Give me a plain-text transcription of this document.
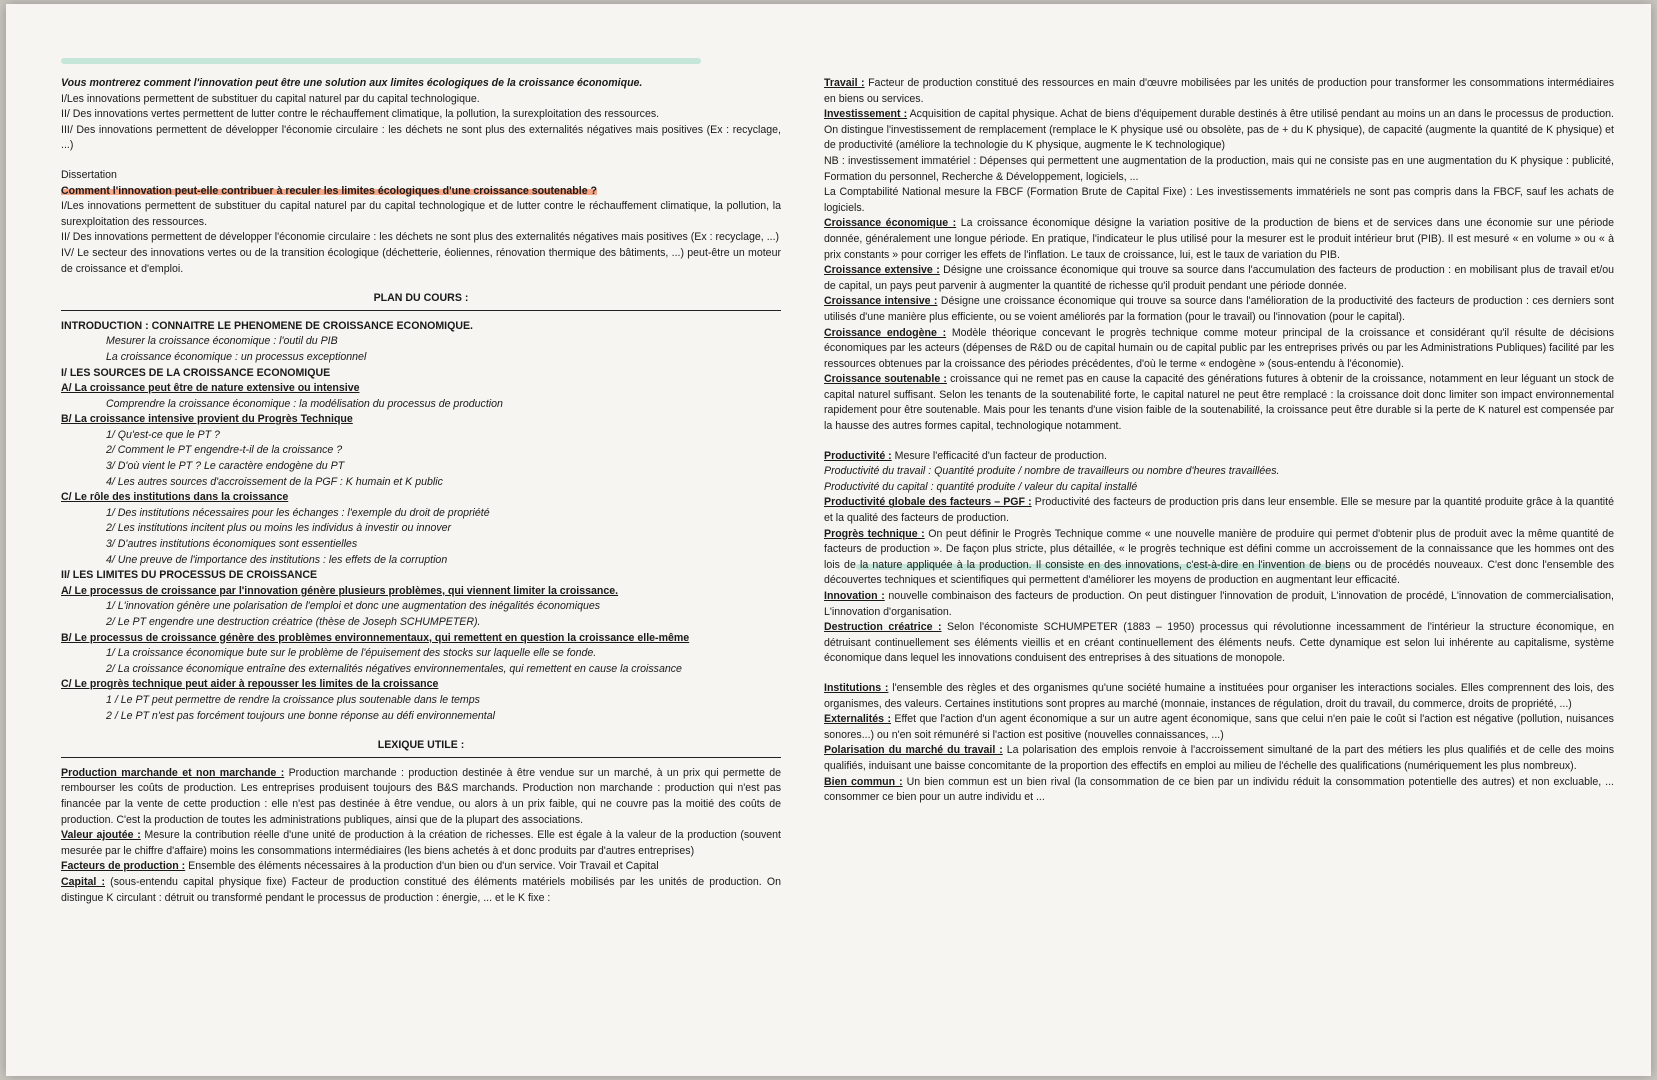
Vous montrerez comment l'innovation peut être une solution aux limites écologiques de la croissance économique.

I/Les innovations permettent de substituer du capital naturel par du capital technologique.

II/ Des innovations vertes permettent de lutter contre le réchauffement climatique, la pollution, la surexploitation des ressources.

III/ Des innovations permettent de développer l'économie circulaire : les déchets ne sont plus des externalités négatives mais positives (Ex : recyclage, ...)

Dissertation

Comment l'innovation peut-elle contribuer à reculer les limites écologiques d'une croissance soutenable ?

I/Les innovations permettent de substituer du capital naturel par du capital technologique et de lutter contre le réchauffement climatique, la pollution, la surexploitation des ressources.

II/ Des innovations permettent de développer l'économie circulaire : les déchets ne sont plus des externalités négatives mais positives (Ex : recyclage, ...)

IV/ Le secteur des innovations vertes ou de la transition écologique (déchetterie, éoliennes, rénovation thermique des bâtiments, ...) peut-être un moteur de croissance et d'emploi.

PLAN DU COURS :

INTRODUCTION : CONNAITRE LE PHENOMENE DE CROISSANCE ECONOMIQUE.

Mesurer la croissance économique : l'outil du PIB

La croissance économique : un processus exceptionnel

I/ LES SOURCES DE LA CROISSANCE ECONOMIQUE

A/ La croissance peut être de nature extensive ou intensive

Comprendre la croissance économique : la modélisation du processus de production

B/ La croissance intensive provient du Progrès Technique

1/ Qu'est-ce que le PT ?

2/ Comment le PT engendre-t-il de la croissance ?

3/ D'où vient le PT ? Le caractère endogène du PT

4/ Les autres sources d'accroissement de la PGF : K humain et K public

C/ Le rôle des institutions dans la croissance

1/ Des institutions nécessaires pour les échanges : l'exemple du droit de propriété

2/ Les institutions incitent plus ou moins les individus à investir ou innover

3/ D'autres institutions économiques sont essentielles

4/ Une preuve de l'importance des institutions : les effets de la corruption

II/ LES LIMITES DU PROCESSUS DE CROISSANCE

A/ Le processus de croissance par l'innovation génère plusieurs problèmes, qui viennent limiter la croissance.

1/ L'innovation génère une polarisation de l'emploi et donc une augmentation des inégalités économiques

2/ Le PT engendre une destruction créatrice (thèse de Joseph SCHUMPETER).

B/ Le processus de croissance génère des problèmes environnementaux, qui remettent en question la croissance elle-même

1/ La croissance économique bute sur le problème de l'épuisement des stocks sur laquelle elle se fonde.

2/ La croissance économique entraîne des externalités négatives environnementales, qui remettent en cause la croissance

C/ Le progrès technique peut aider à repousser les limites de la croissance

1 / Le PT peut permettre de rendre la croissance plus soutenable dans le temps

2 / Le PT n'est pas forcément toujours une bonne réponse au défi environnemental

LEXIQUE UTILE :

Production marchande et non marchande : Production marchande : production destinée à être vendue sur un marché, à un prix qui permette de rembourser les coûts de production. Les entreprises produisent toujours des B&S marchands. Production non marchande : production qui n'est pas financée par la vente de cette production : elle n'est pas destinée à être vendue, ou alors à un prix faible, qui ne couvre pas la moitié des coûts de production. C'est la production de toutes les administrations publiques, ainsi que de la plupart des associations.

Valeur ajoutée : Mesure la contribution réelle d'une unité de production à la création de richesses. Elle est égale à la valeur de la production (souvent mesurée par le chiffre d'affaire) moins les consommations intermédiaires (les biens achetés à et donc produits par d'autres entreprises)

Facteurs de production : Ensemble des éléments nécessaires à la production d'un bien ou d'un service. Voir Travail et Capital

Capital : (sous-entendu capital physique fixe) Facteur de production constitué des éléments matériels mobilisés par les unités de production. On distingue K circulant : détruit ou transformé pendant le processus de production : énergie, ... et le K fixe :

Travail : Facteur de production constitué des ressources en main d'œuvre mobilisées par les unités de production pour transformer les consommations intermédiaires en biens ou services.

Investissement : Acquisition de capital physique. Achat de biens d'équipement durable destinés à être utilisé pendant au moins un an dans le processus de production. On distingue l'investissement de remplacement (remplace le K physique usé ou obsolète, pas de + du K physique), de capacité (augmente la quantité de K physique) et de productivité (améliore la technologie du K physique, augmente le K technologique)

NB : investissement immatériel : Dépenses qui permettent une augmentation de la production, mais qui ne consiste pas en une augmentation du K physique : publicité, Formation du personnel, Recherche & Développement, logiciels, ...

La Comptabilité National mesure la FBCF (Formation Brute de Capital Fixe) : Les investissements immatériels ne sont pas compris dans la FBCF, sauf les achats de logiciels.

Croissance économique : La croissance économique désigne la variation positive de la production de biens et de services dans une économie sur une période donnée, généralement une longue période. En pratique, l'indicateur le plus utilisé pour la mesurer est le produit intérieur brut (PIB). Il est mesuré « en volume » ou « à prix constants » pour corriger les effets de l'inflation. Le taux de croissance, lui, est le taux de variation du PIB.

Croissance extensive : Désigne une croissance économique qui trouve sa source dans l'accumulation des facteurs de production : en mobilisant plus de travail et/ou de capital, un pays peut parvenir à augmenter la quantité de richesse qu'il produit pendant une période donnée.

Croissance intensive : Désigne une croissance économique qui trouve sa source dans l'amélioration de la productivité des facteurs de production : ces derniers sont utilisés d'une manière plus efficiente, ou se voient améliorés par la formation (pour le travail) ou l'innovation (pour le capital).

Croissance endogène : Modèle théorique concevant le progrès technique comme moteur principal de la croissance et considérant qu'il résulte de décisions économiques par les acteurs (dépenses de R&D ou de capital humain ou de capital public par les entreprises privés ou par les Administrations Publiques) facilité par les ressources obtenues par la croissance des périodes précédentes, d'où le terme « endogène » (sous-entendu à l'économie).

Croissance soutenable : croissance qui ne remet pas en cause la capacité des générations futures à obtenir de la croissance, notamment en leur léguant un stock de capital naturel suffisant. Selon les tenants de la soutenabilité forte, le capital naturel ne peut être remplacé : la croissance doit donc limiter son impact environnemental rapidement pour être soutenable. Mais pour les tenants d'une vision faible de la soutenabilité, la croissance peut être durable si la perte de K naturel est compensée par la hausse des autres formes capital, technologique notamment.

Productivité : Mesure l'efficacité d'un facteur de production.

Productivité du travail : Quantité produite / nombre de travailleurs ou nombre d'heures travaillées.

Productivité du capital : quantité produite / valeur du capital installé

Productivité globale des facteurs – PGF : Productivité des facteurs de production pris dans leur ensemble. Elle se mesure par la quantité produite grâce à la quantité et la qualité des facteurs de production.

Progrès technique : On peut définir le Progrès Technique comme « une nouvelle manière de produire qui permet d'obtenir plus de produit avec la même quantité de facteurs de production ». De façon plus stricte, plus détaillée, « le progrès technique est défini comme un accroissement de la connaissance que les hommes ont des lois de la nature appliquée à la production. Il consiste en des innovations, c'est-à-dire en l'invention de biens ou de procédés nouveaux. C'est donc l'ensemble des découvertes techniques et scientifiques qui permettent d'améliorer les moyens de production en augmentant leur efficacité.

Innovation : nouvelle combinaison des facteurs de production. On peut distinguer l'innovation de produit, L'innovation de procédé, L'innovation de commercialisation, L'innovation d'organisation.

Destruction créatrice : Selon l'économiste SCHUMPETER (1883 – 1950) processus qui révolutionne incessamment de l'intérieur la structure économique, en détruisant continuellement ses éléments vieillis et en créant continuellement des éléments neufs. Cette dynamique est selon lui inhérente au capitalisme, système économique dans lequel les innovations conduisent des entreprises à des situations de monopole.

Institutions : l'ensemble des règles et des organismes qu'une société humaine a instituées pour organiser les interactions sociales. Elles comprennent des lois, des organismes, des valeurs. Certaines institutions sont propres au marché (monnaie, instances de régulation, droit du travail, du commerce, droits de propriété, ...)

Externalités : Effet que l'action d'un agent économique a sur un autre agent économique, sans que celui n'en paie le coût si l'action est négative (pollution, nuisances sonores...) ou n'en soit rémunéré si l'action est positive (nouvelles connaissances, ...)

Polarisation du marché du travail : La polarisation des emplois renvoie à l'accroissement simultané de la part des métiers les plus qualifiés et de celle des moins qualifiés, induisant une baisse concomitante de la proportion des effectifs en emploi au milieu de l'échelle des qualifications (numériquement les plus nombreux).

Bien commun : Un bien commun est un bien rival (la consommation de ce bien par un individu réduit la consommation potentielle des autres) et non excluable, ... consommer ce bien pour un autre individu et ...
